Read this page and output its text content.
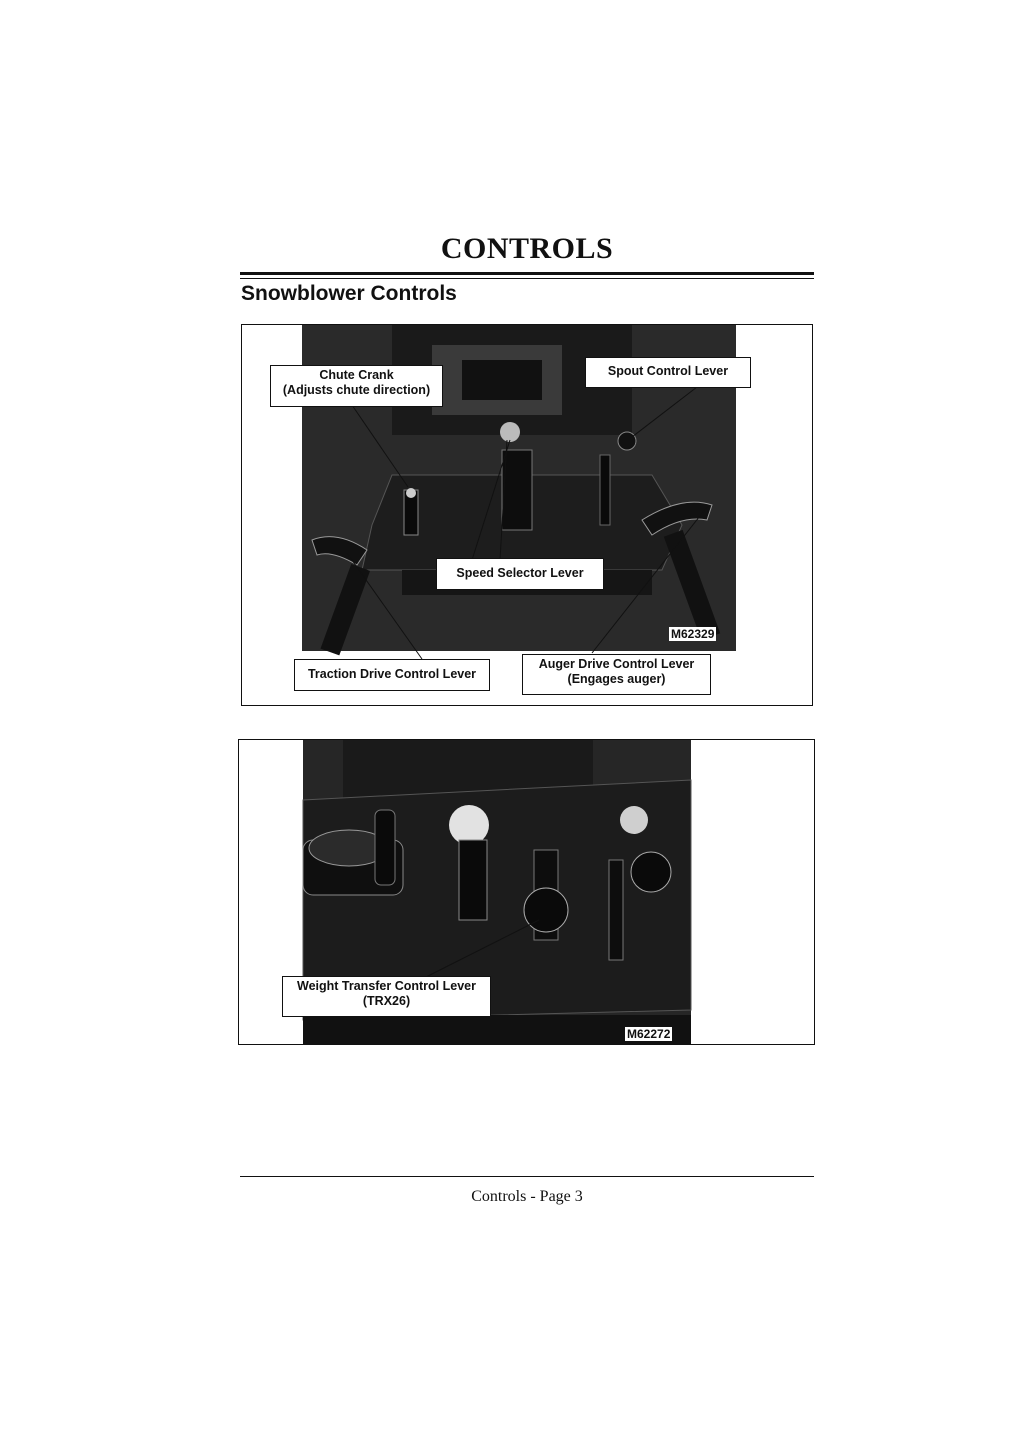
CONTROLS
Snowblower Controls
Chute Crank
(Adjusts chute direction)
Spout Control Lever
Speed Selector Lever
Traction Drive Control Lever
Auger Drive Control Lever
(Engages auger)
M62329
Weight Transfer Control Lever
(TRX26)
M62272
Controls - Page 3
